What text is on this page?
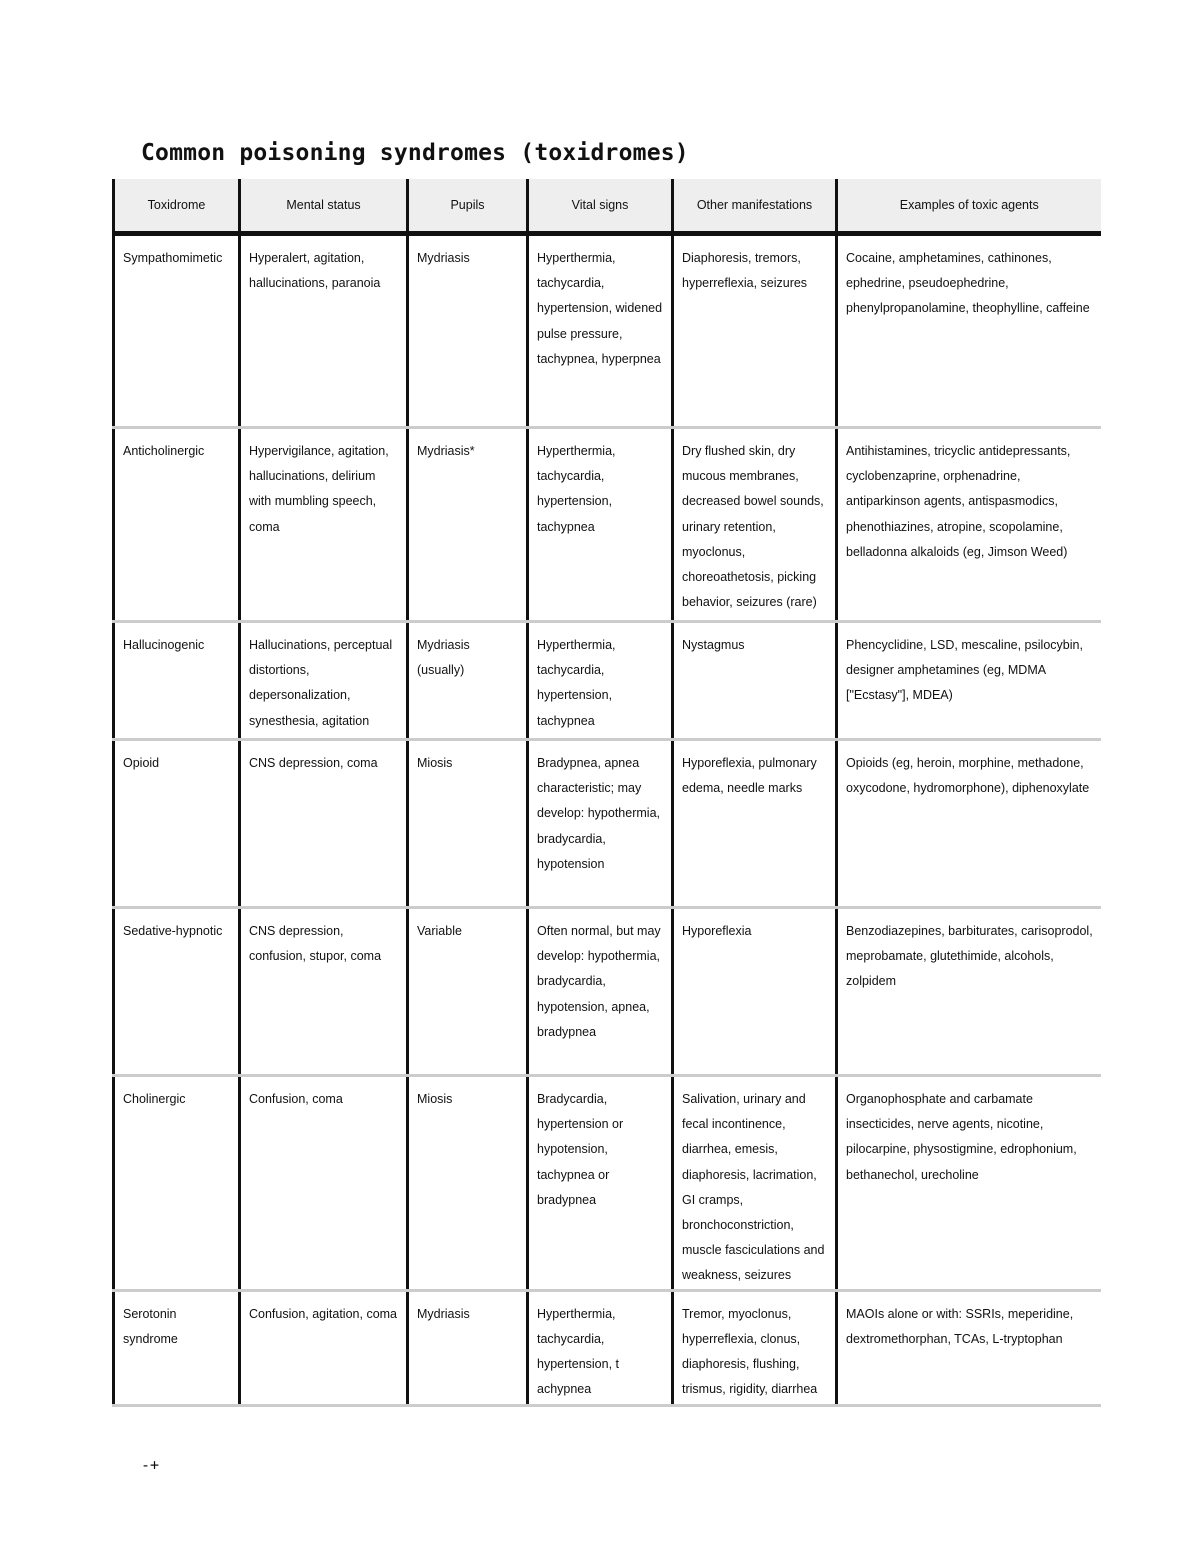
Common poisoning syndromes (toxidromes)
Toxidrome	Mental status	Pupils	Vital signs	Other manifestations	Examples of toxic agents
Sympathomimetic	Hyperalert, agitation, hallucinations, paranoia	Mydriasis	Hyperthermia, tachycardia, hypertension, widened pulse pressure, tachypnea, hyperpnea	Diaphoresis, tremors, hyperreflexia, seizures	Cocaine, amphetamines, cathinones, ephedrine, pseudoephedrine, phenylpropanolamine, theophylline, caffeine
Anticholinergic	Hypervigilance, agitation, hallucinations, delirium with mumbling speech, coma	Mydriasis*	Hyperthermia, tachycardia, hypertension, tachypnea	Dry flushed skin, dry mucous membranes, decreased bowel sounds, urinary retention, myoclonus, choreoathetosis, picking behavior, seizures (rare)	Antihistamines, tricyclic antidepressants, cyclobenzaprine, orphenadrine, antiparkinson agents, antispasmodics, phenothiazines, atropine, scopolamine, belladonna alkaloids (eg, Jimson Weed)
Hallucinogenic	Hallucinations, perceptual distortions, depersonalization, synesthesia, agitation	Mydriasis (usually)	Hyperthermia, tachycardia, hypertension, tachypnea	Nystagmus	Phencyclidine, LSD, mescaline, psilocybin, designer amphetamines (eg, MDMA ["Ecstasy"], MDEA)
Opioid	CNS depression, coma	Miosis	Bradypnea, apnea characteristic; may develop: hypothermia, bradycardia, hypotension	Hyporeflexia, pulmonary edema, needle marks	Opioids (eg, heroin, morphine, methadone, oxycodone, hydromorphone), diphenoxylate
Sedative-hypnotic	CNS depression, confusion, stupor, coma	Variable	Often normal, but may develop: hypothermia, bradycardia, hypotension, apnea, bradypnea	Hyporeflexia	Benzodiazepines, barbiturates, carisoprodol, meprobamate, glutethimide, alcohols, zolpidem
Cholinergic	Confusion, coma	Miosis	Bradycardia, hypertension or hypotension, tachypnea or bradypnea	Salivation, urinary and fecal incontinence, diarrhea, emesis, diaphoresis, lacrimation, GI cramps, bronchoconstriction, muscle fasciculations and weakness, seizures	Organophosphate and carbamate insecticides, nerve agents, nicotine, pilocarpine, physostigmine, edrophonium, bethanechol, urecholine
Serotonin syndrome	Confusion, agitation, coma	Mydriasis	Hyperthermia, tachycardia, hypertension, t achypnea	Tremor, myoclonus, hyperreflexia, clonus, diaphoresis, flushing, trismus, rigidity, diarrhea	MAOIs alone or with: SSRIs, meperidine, dextromethorphan, TCAs, L-tryptophan
-+
